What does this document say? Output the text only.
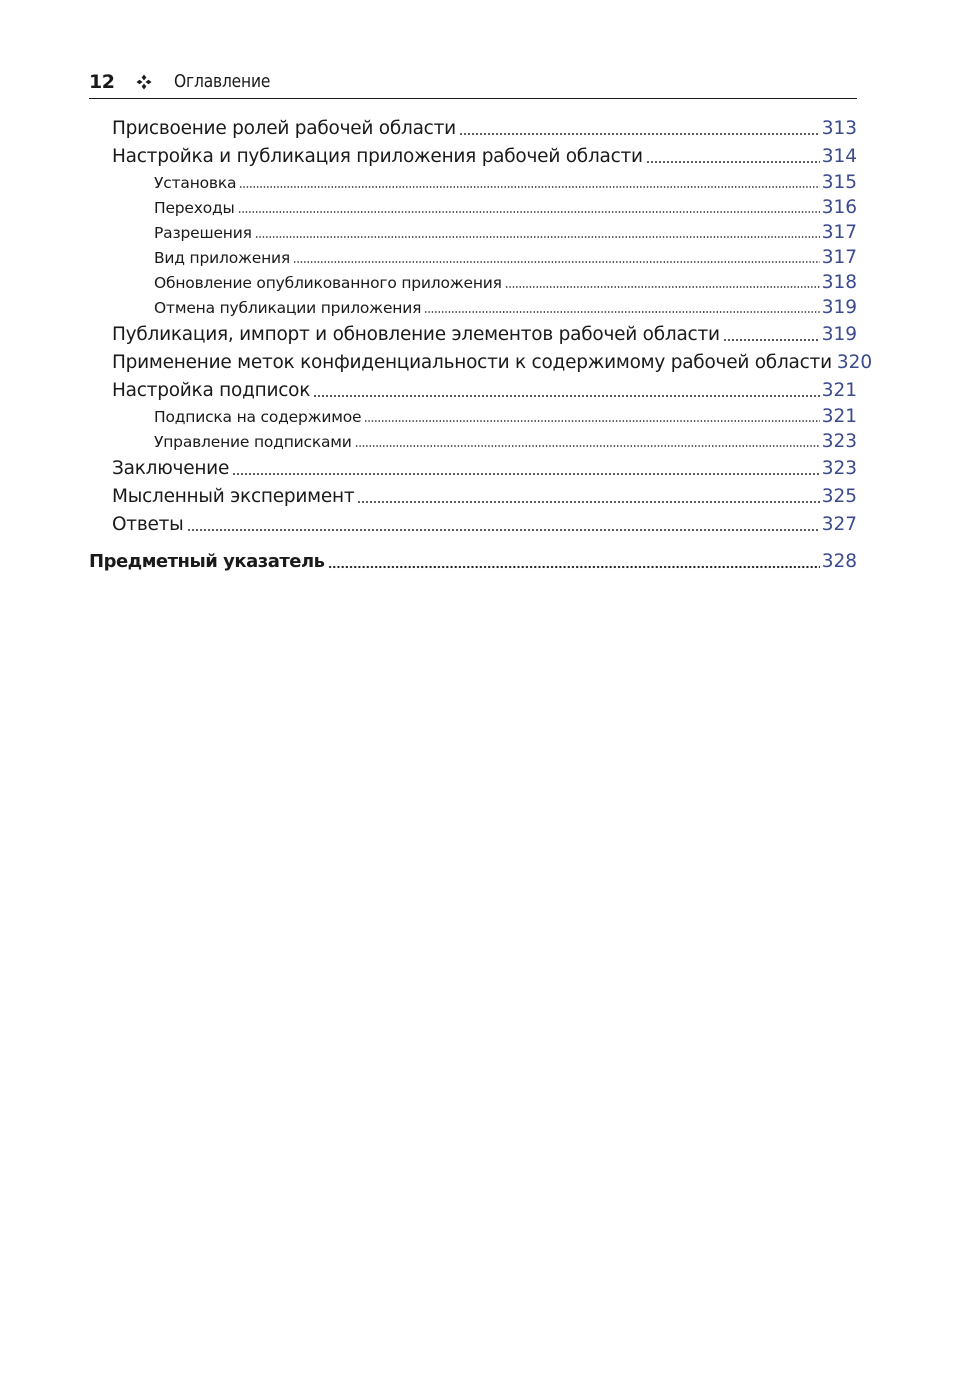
12	Оглавление
Присвоение ролей рабочей области	313
Настройка и публикация приложения рабочей области	314
Установка	315
Переходы	316
Разрешения	317
Вид приложения	317
Обновление опубликованного приложения	318
Отмена публикации приложения	319
Публикация, импорт и обновление элементов рабочей области	319
Применение меток конфиденциальности к содержимому рабочей области 320
Настройка подписок	321
Подписка на содержимое	321
Управление подписками	323
Заключение	323
Мысленный эксперимент	325
Ответы	327
Предметный указатель	328
